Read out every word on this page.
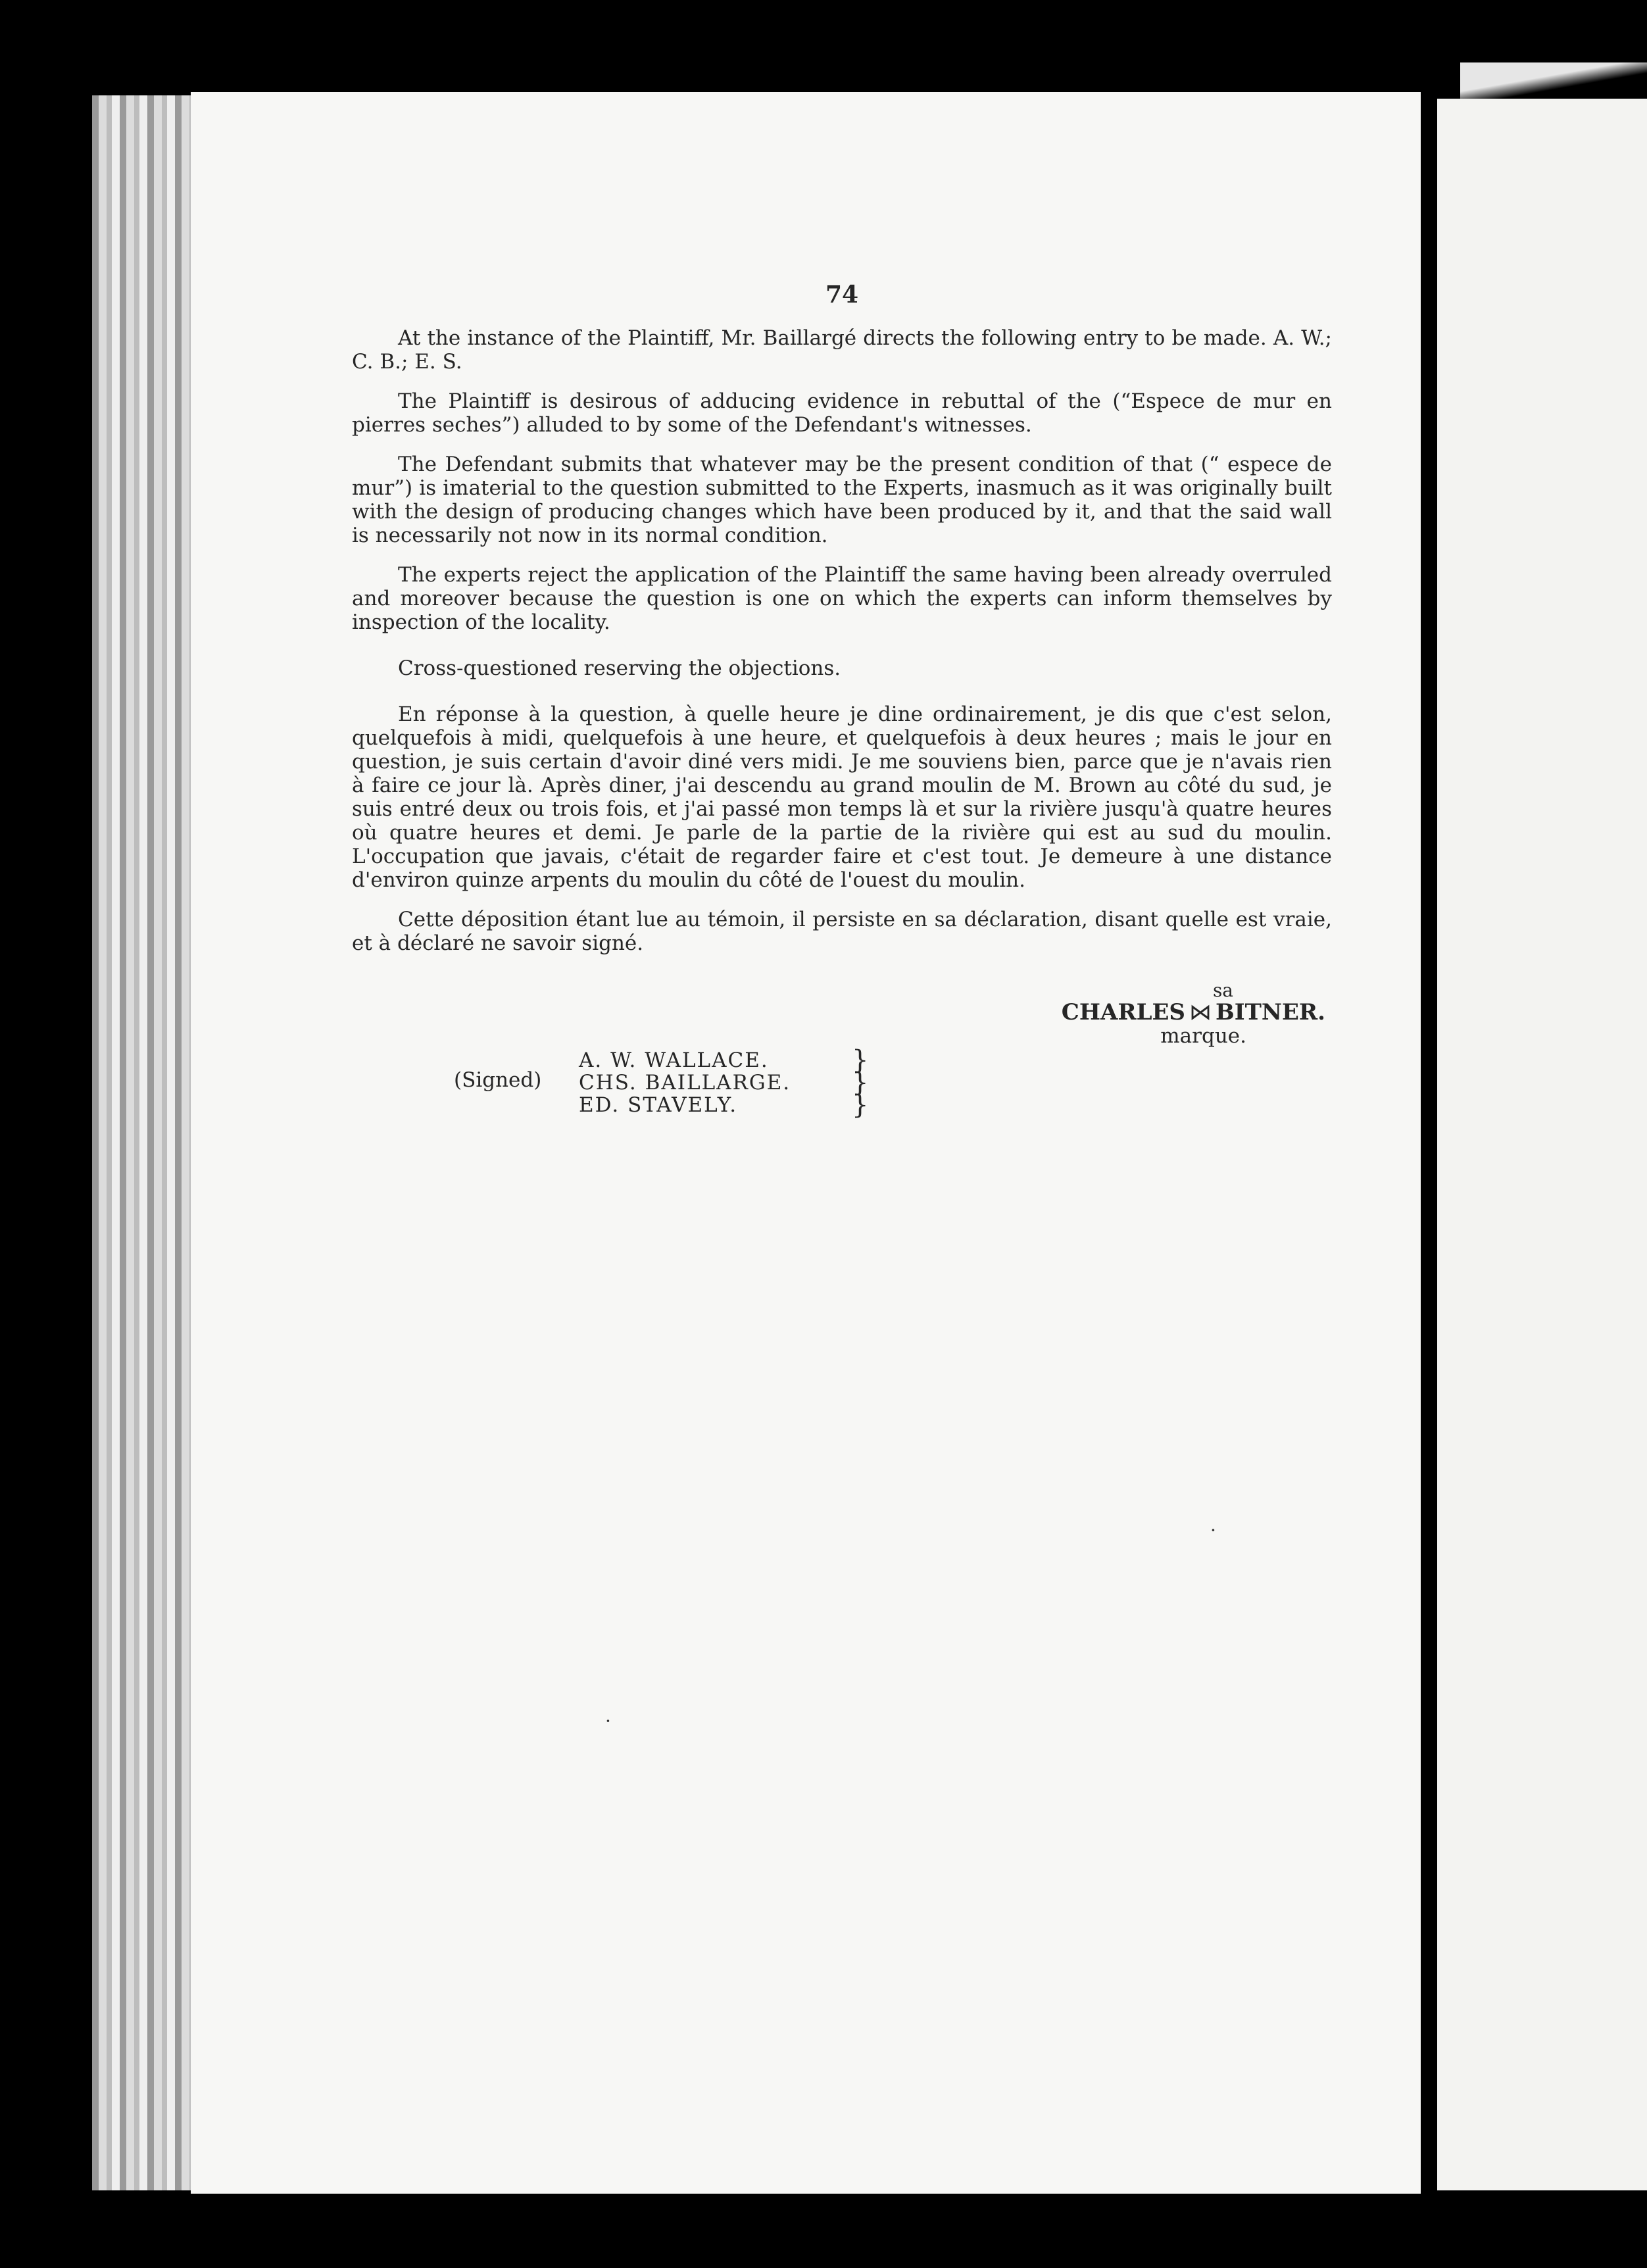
74

At the instance of the Plaintiff, Mr. Baillargé directs the following entry to be made. A. W.; C. B.; E. S.

The Plaintiff is desirous of adducing evidence in rebuttal of the (“Espece de mur en pierres seches”) alluded to by some of the Defendant's witnesses.

The Defendant submits that whatever may be the present condition of that (“ espece de mur”) is imaterial to the question submitted to the Experts, inasmuch as it was originally built with the design of producing changes which have been produced by it, and that the said wall is necessarily not now in its normal condition.

The experts reject the application of the Plaintiff the same having been already overruled and moreover because the question is one on which the experts can inform themselves by inspection of the locality.

Cross-questioned reserving the objections.

En réponse à la question, à quelle heure je dine ordinairement, je dis que c'est selon, quelquefois à midi, quelquefois à une heure, et quelquefois à deux heures ; mais le jour en question, je suis certain d'avoir diné vers midi. Je me souviens bien, parce que je n'avais rien à faire ce jour là. Après diner, j'ai descendu au grand moulin de M. Brown au côté du sud, je suis entré deux ou trois fois, et j'ai passé mon temps là et sur la rivière jusqu'à quatre heures où quatre heures et demi. Je parle de la partie de la rivière qui est au sud du moulin. L'occupation que javais, c'était de regarder faire et c'est tout. Je demeure à une distance d'environ quinze arpents du moulin du côté de l'ouest du moulin.

Cette déposition étant lue au témoin, il persiste en sa déclaration, disant quelle est vraie, et à déclaré ne savoir signé.

sa
CHARLES ⋈ BITNER.
marque.
(Signed)
A. W. WALLACE.
CHS. BAILLARGE.
ED. STAVELY.
}
}
}
·
·
